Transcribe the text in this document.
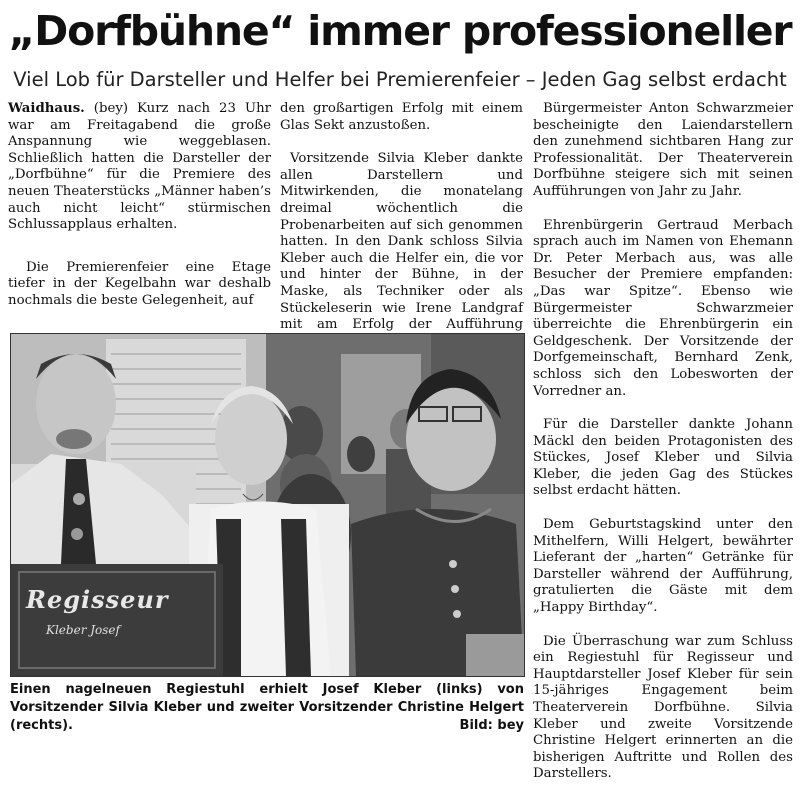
„Dorfbühne“ immer professioneller
Viel Lob für Darsteller und Helfer bei Premierenfeier – Jeden Gag selbst erdacht

Waidhaus. (bey) Kurz nach 23 Uhr war am Freitagabend die große Anspannung wie weggeblasen. Schließlich hatten die Darsteller der „Dorfbühne“ für die Premiere des neuen Theaterstücks „Männer haben’s auch nicht leicht“ stürmischen Schlussapplaus erhalten.

Die Premierenfeier eine Etage tiefer in der Kegelbahn war deshalb nochmals die beste Gelegenheit, auf

den großartigen Erfolg mit einem Glas Sekt anzustoßen.

Vorsitzende Silvia Kleber dankte allen Darstellern und Mitwirkenden, die monatelang dreimal wöchentlich die Probenarbeiten auf sich genommen hatten. In den Dank schloss Silvia Kleber auch die Helfer ein, die vor und hinter der Bühne, in der Maske, als Techniker oder als Stückeleserin wie Irene Landgraf mit am Erfolg der Aufführung

Bürgermeister Anton Schwarzmeier bescheinigte den Laiendarstellern den zunehmend sichtbaren Hang zur Professionalität. Der Theaterverein Dorfbühne steigere sich mit seinen Aufführungen von Jahr zu Jahr.

Ehrenbürgerin Gertraud Merbach sprach auch im Namen von Ehemann Dr. Peter Merbach aus, was alle Besucher der Premiere empfanden: „Das war Spitze“. Ebenso wie Bürgermeister Schwarzmeier überreichte die Ehrenbürgerin ein Geldgeschenk. Der Vorsitzende der Dorfgemeinschaft, Bernhard Zenk, schloss sich den Lobesworten der Vorredner an.

Für die Darsteller dankte Johann Mäckl den beiden Protagonisten des Stückes, Josef Kleber und Silvia Kleber, die jeden Gag des Stückes selbst erdacht hätten.

Dem Geburtstagskind unter den Mithelfern, Willi Helgert, bewährter Lieferant der „harten“ Getränke für Darsteller während der Aufführung, gratulierten die Gäste mit dem „Happy Birthday“.

Die Überraschung war zum Schluss ein Regiestuhl für Regisseur und Hauptdarsteller Josef Kleber für sein 15-jähriges Engagement beim Theaterverein Dorfbühne. Silvia Kleber und zweite Vorsitzende Christine Helgert erinnerten an die bisherigen Auftritte und Rollen des Darstellers.

Regisseur
Kleber Josef
Einen nagelneuen Regiestuhl erhielt Josef Kleber (links) von Vorsitzender Silvia Kleber und zweiter Vorsitzender Christine Helgert (rechts).	Bild: bey
